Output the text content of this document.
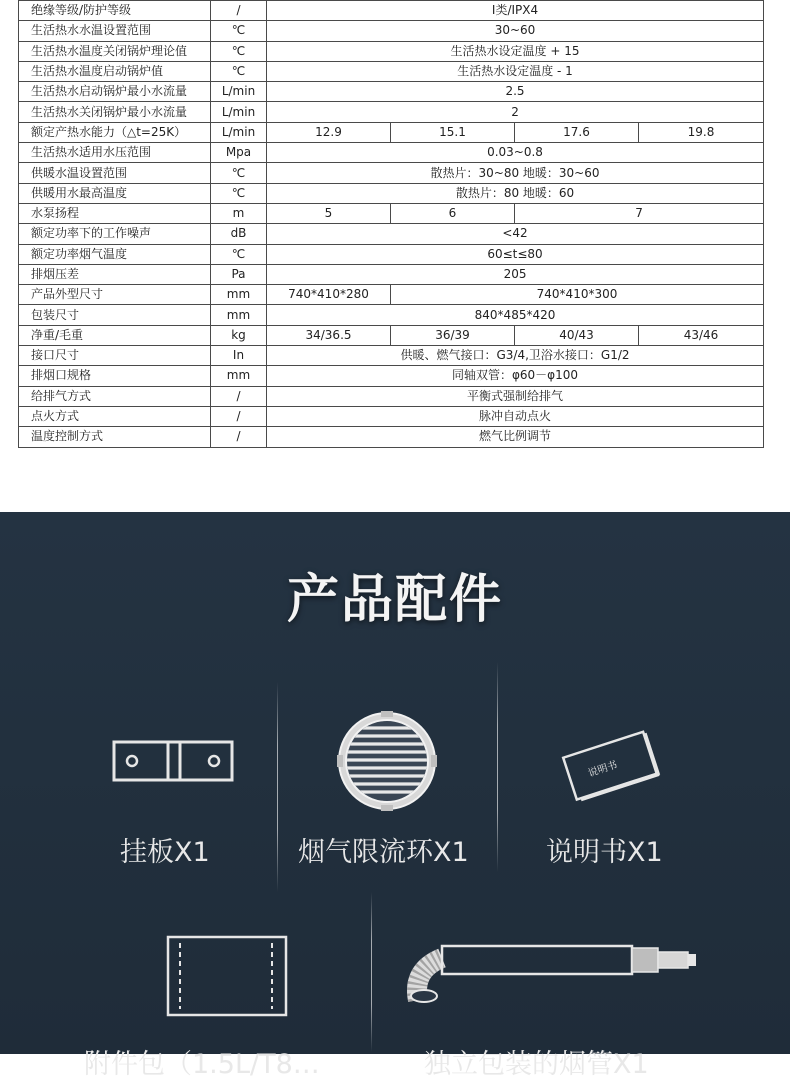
绝缘等级/防护等级	/	Ⅰ类/IPX4			
生活热水水温设置范围	℃	30~60			
生活热水温度关闭锅炉理论值	℃	生活热水设定温度 + 15			
生活热水温度启动锅炉值	℃	生活热水设定温度 - 1			
生活热水启动锅炉最小水流量	L/min	2.5			
生活热水关闭锅炉最小水流量	L/min	2			
额定产热水能力（△t=25K）	L/min	12.9	15.1	17.6	19.8
生活热水适用水压范围	Mpa	0.03~0.8			
供暖水温设置范围	℃	散热片：30~80 地暖：30~60			
供暖用水最高温度	℃	散热片：80 地暖：60			
水泵扬程	m	5	6	7	
额定功率下的工作噪声	dB	<42			
额定功率烟气温度	℃	60≤t≤80			
排烟压差	Pa	205			
产品外型尺寸	mm	740*410*280	740*410*300		
包装尺寸	mm	840*485*420			
净重/毛重	kg	34/36.5	36/39	40/43	43/46
接口尺寸	In	供暖、燃气接口：G3/4,卫浴水接口：G1/2			
排烟口规格	mm	同轴双管：φ60－φ100			
给排气方式	/	平衡式强制给排气			
点火方式	/	脉冲自动点火			
温度控制方式	/	燃气比例调节			
产品配件
挂板X1	烟气限流环X1
说明书
说明书X1
附件包（1.5L/T8…	独立包装的烟管X1
